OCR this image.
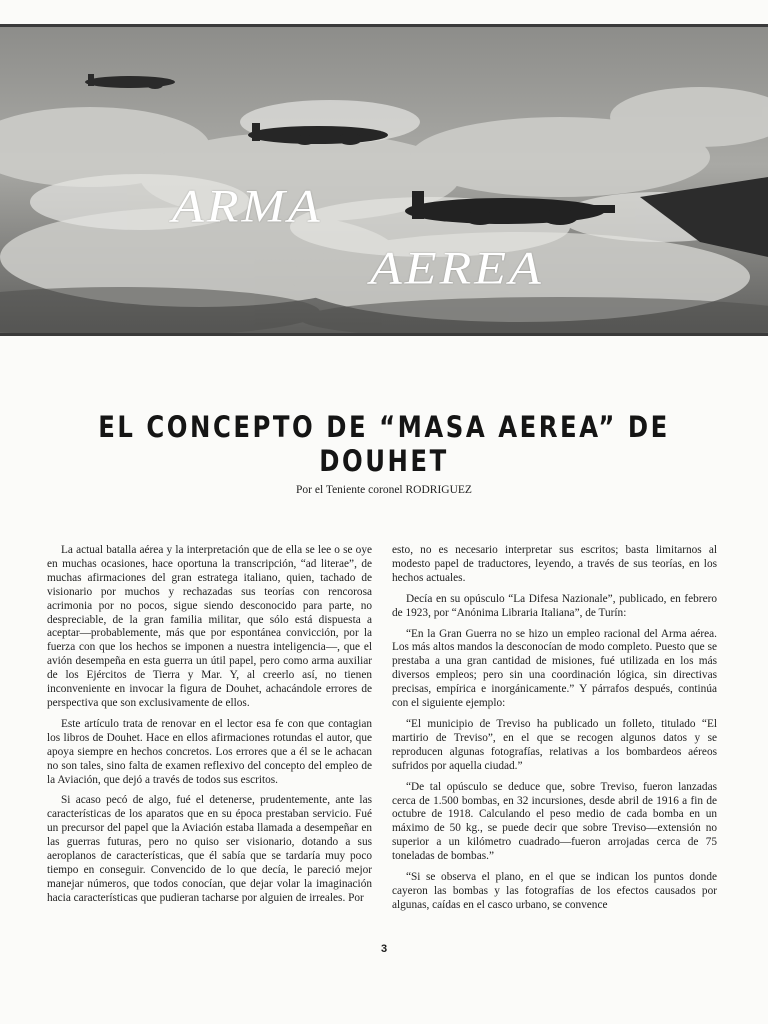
ARMA
AEREA
EL CONCEPTO DE “MASA AEREA” DE DOUHET
Por el Teniente coronel RODRIGUEZ

La actual batalla aérea y la interpretación que de ella se lee o se oye en muchas ocasiones, hace oportuna la transcripción, “ad literae”, de muchas afirmaciones del gran estratega italiano, quien, tachado de visionario por muchos y rechazadas sus teorías con rencorosa acrimonia por no pocos, sigue siendo desconocido para parte, no despreciable, de la gran familia militar, que sólo está dispuesta a aceptar—probablemente, más que por espontánea convicción, por la fuerza con que los hechos se imponen a nuestra inteligencia—, que el avión desempeña en esta guerra un útil papel, pero como arma auxiliar de los Ejércitos de Tierra y Mar. Y, al creerlo así, no tienen inconveniente en invocar la figura de Douhet, achacándole errores de perspectiva que son exclusivamente de ellos.

Este artículo trata de renovar en el lector esa fe con que contagian los libros de Douhet. Hace en ellos afirmaciones rotundas el autor, que apoya siempre en hechos concretos. Los errores que a él se le achacan no son tales, sino falta de examen reflexivo del concepto del empleo de la Aviación, que dejó a través de todos sus escritos.

Si acaso pecó de algo, fué el detenerse, prudentemente, ante las características de los aparatos que en su época prestaban servicio. Fué un precursor del papel que la Aviación estaba llamada a desempeñar en las guerras futuras, pero no quiso ser visionario, dotando a sus aeroplanos de características, que él sabía que se tardaría muy poco tiempo en conseguir. Convencido de lo que decía, le pareció mejor manejar números, que todos conocían, que dejar volar la imaginación hacia características que pudieran tacharse por alguien de irreales. Por

esto, no es necesario interpretar sus escritos; basta limitarnos al modesto papel de traductores, leyendo, a través de sus teorías, en los hechos actuales.

Decía en su opúsculo “La Difesa Nazionale”, publicado, en febrero de 1923, por “Anónima Libraria Italiana”, de Turín:

“En la Gran Guerra no se hizo un empleo racional del Arma aérea. Los más altos mandos la desconocían de modo completo. Puesto que se prestaba a una gran cantidad de misiones, fué utilizada en los más diversos empleos; pero sin una coordinación lógica, sin directivas precisas, empírica e inorgánicamente.” Y párrafos después, continúa con el siguiente ejemplo:

“El municipio de Treviso ha publicado un folleto, titulado “El martirio de Treviso”, en el que se recogen algunos datos y se reproducen algunas fotografías, relativas a los bombardeos aéreos sufridos por aquella ciudad.”

“De tal opúsculo se deduce que, sobre Treviso, fueron lanzadas cerca de 1.500 bombas, en 32 incursiones, desde abril de 1916 a fin de octubre de 1918. Calculando el peso medio de cada bomba en un máximo de 50 kg., se puede decir que sobre Treviso—extensión no superior a un kilómetro cuadrado—fueron arrojadas cerca de 75 toneladas de bombas.”

“Si se observa el plano, en el que se indican los puntos donde cayeron las bombas y las fotografías de los efectos causados por algunas, caídas en el casco urbano, se convence

3
